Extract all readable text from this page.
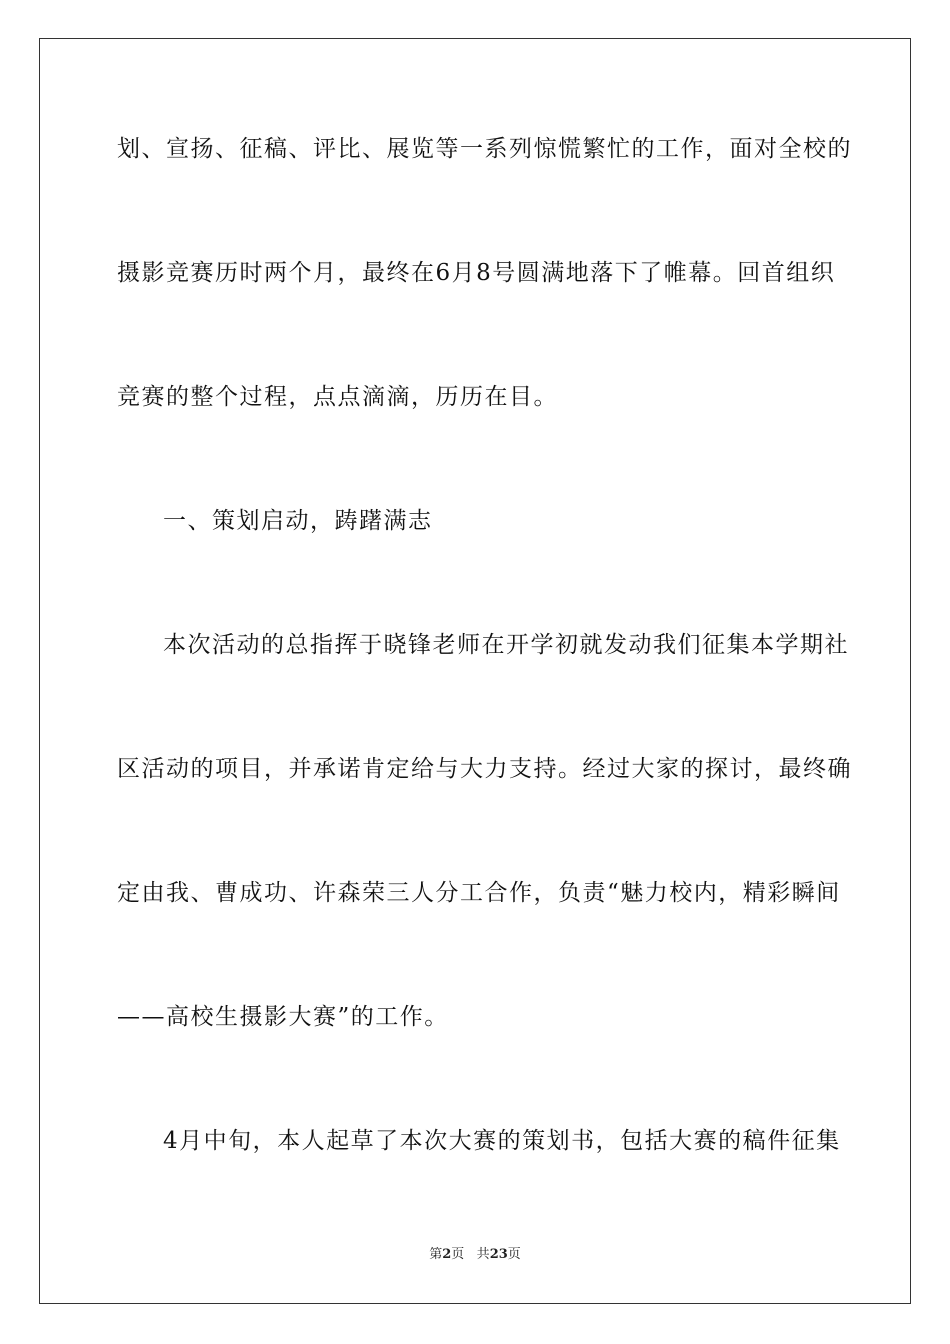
划、宣扬、征稿、评比、展览等一系列惊慌繁忙的工作，面对全校的
摄影竞赛历时两个月，最终在6月8号圆满地落下了帷幕。回首组织
竞赛的整个过程，点点滴滴，历历在目。
一、策划启动，踌躇满志
本次活动的总指挥于晓锋老师在开学初就发动我们征集本学期社
区活动的项目，并承诺肯定给与大力支持。经过大家的探讨，最终确
定由我、曹成功、许森荣三人分工合作，负责“魅力校内，精彩瞬间
——高校生摄影大赛”的工作。
4月中旬，本人起草了本次大赛的策划书，包括大赛的稿件征集
第2页 共23页
